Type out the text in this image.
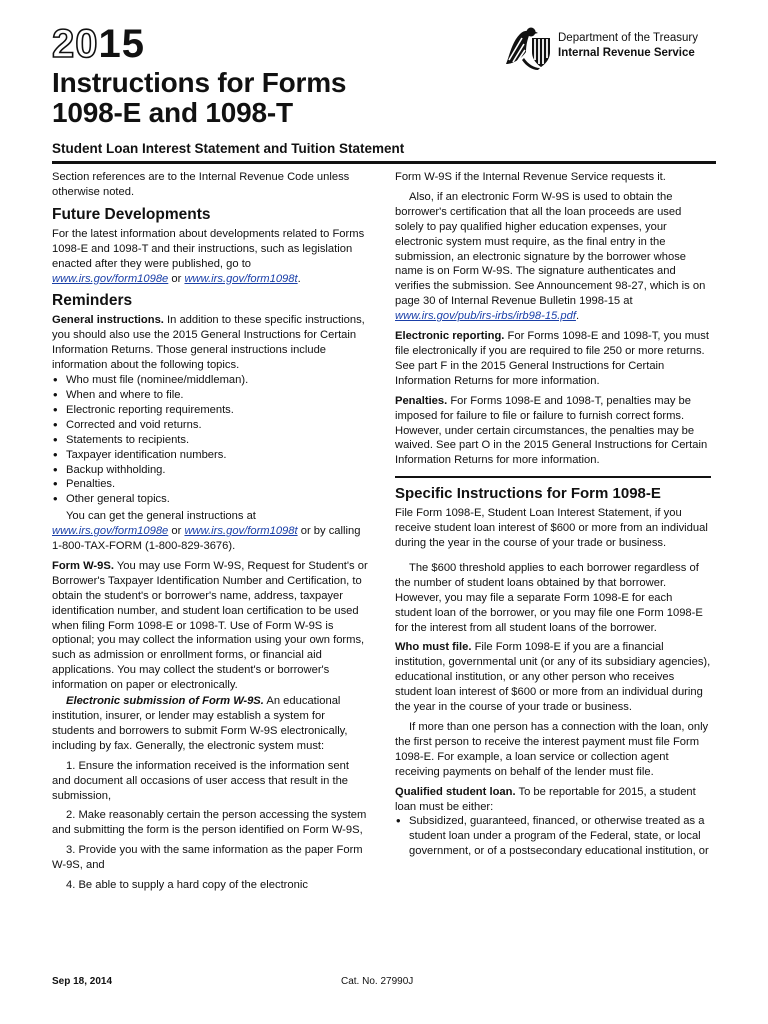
2015	Department of the Treasury
Internal Revenue Service
Instructions for Forms
1098-E and 1098-T
Student Loan Interest Statement and Tuition Statement

Section references are to the Internal Revenue Code unless otherwise noted.

Future Developments

For the latest information about developments related to Forms 1098-E and 1098-T and their instructions, such as legislation enacted after they were published, go to www.irs.gov/form1098e or www.irs.gov/form1098t.

Reminders

General instructions. In addition to these specific instructions, you should also use the 2015 General Instructions for Certain Information Returns. Those general instructions include information about the following topics.

• Who must file (nominee/middleman).
• When and where to file.
• Electronic reporting requirements.
• Corrected and void returns.
• Statements to recipients.
• Taxpayer identification numbers.
• Backup withholding.
• Penalties.
• Other general topics.

You can get the general instructions at www.irs.gov/form1098e or www.irs.gov/form1098t or by calling 1-800-TAX-FORM (1-800-829-3676).

Form W-9S. You may use Form W-9S, Request for Student's or Borrower's Taxpayer Identification Number and Certification, to obtain the student's or borrower's name, address, taxpayer identification number, and student loan certification to be used when filing Form 1098-E or 1098-T. Use of Form W-9S is optional; you may collect the information using your own forms, such as admission or enrollment forms, or financial aid applications. You may collect the student's or borrower's information on paper or electronically.

Electronic submission of Form W-9S. An educational institution, insurer, or lender may establish a system for students and borrowers to submit Form W-9S electronically, including by fax. Generally, the electronic system must:

1. Ensure the information received is the information sent and document all occasions of user access that result in the submission,

2. Make reasonably certain the person accessing the system and submitting the form is the person identified on Form W-9S,

3. Provide you with the same information as the paper Form W-9S, and

4. Be able to supply a hard copy of the electronic

Form W-9S if the Internal Revenue Service requests it.

Also, if an electronic Form W-9S is used to obtain the borrower's certification that all the loan proceeds are used solely to pay qualified higher education expenses, your electronic system must require, as the final entry in the submission, an electronic signature by the borrower whose name is on Form W-9S. The signature authenticates and verifies the submission. See Announcement 98-27, which is on page 30 of Internal Revenue Bulletin 1998-15 at www.irs.gov/pub/irs-irbs/irb98-15.pdf.

Electronic reporting. For Forms 1098-E and 1098-T, you must file electronically if you are required to file 250 or more returns. See part F in the 2015 General Instructions for Certain Information Returns for more information.

Penalties. For Forms 1098-E and 1098-T, penalties may be imposed for failure to file or failure to furnish correct forms. However, under certain circumstances, the penalties may be waived. See part O in the 2015 General Instructions for Certain Information Returns for more information.

Specific Instructions for Form 1098-E

File Form 1098-E, Student Loan Interest Statement, if you receive student loan interest of $600 or more from an individual during the year in the course of your trade or business.

The $600 threshold applies to each borrower regardless of the number of student loans obtained by that borrower. However, you may file a separate Form 1098-E for each student loan of the borrower, or you may file one Form 1098-E for the interest from all student loans of the borrower.

Who must file. File Form 1098-E if you are a financial institution, governmental unit (or any of its subsidiary agencies), educational institution, or any other person who receives student loan interest of $600 or more from an individual during the year in the course of your trade or business.

If more than one person has a connection with the loan, only the first person to receive the interest payment must file Form 1098-E. For example, a loan service or collection agent receiving payments on behalf of the lender must file.

Qualified student loan. To be reportable for 2015, a student loan must be either:

• Subsidized, guaranteed, financed, or otherwise treated as a student loan under a program of the Federal, state, or local government, or of a postsecondary educational institution, or
Sep 18, 2014	Cat. No. 27990J
